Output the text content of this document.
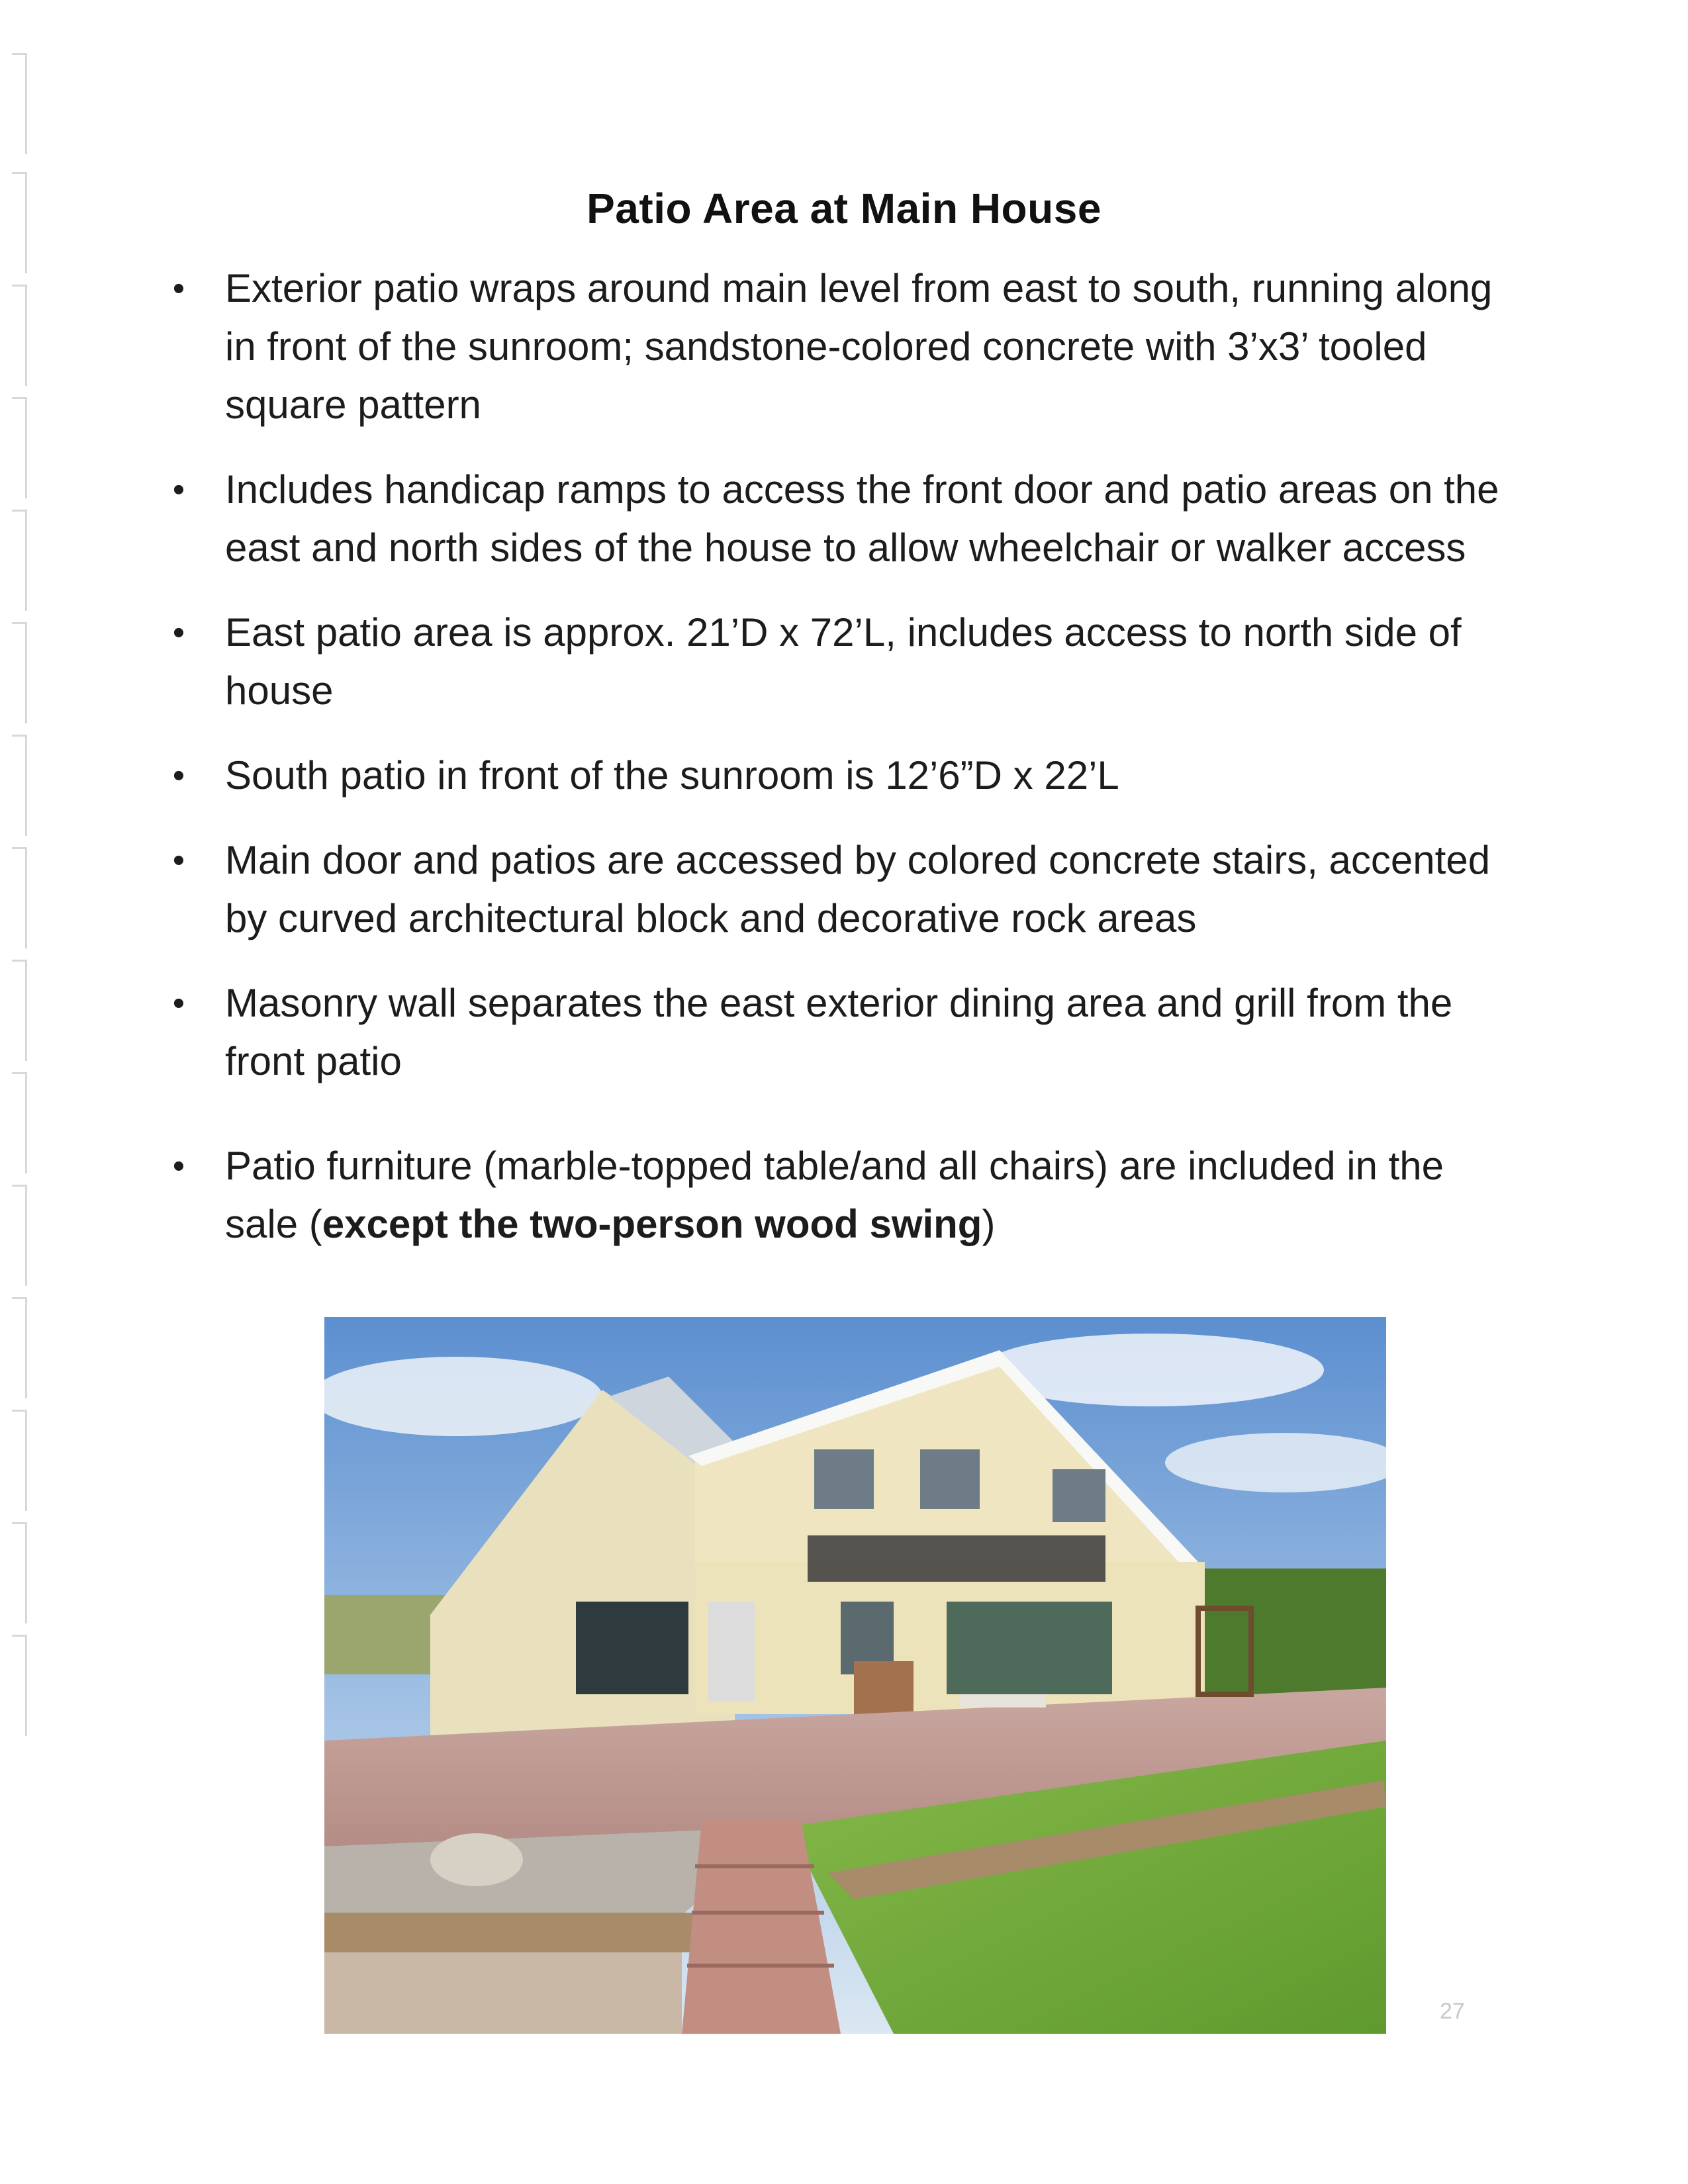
Patio Area at Main House
•	Exterior patio wraps around main level from east to south, running along in front of the sunroom; sandstone-colored concrete with 3’x3’ tooled square pattern
•	Includes handicap ramps to access the front door and patio areas on the east and north sides of the house to allow wheelchair or walker access
•	East patio area is approx. 21’D x 72’L, includes access to north side of house
•	South patio in front of the sunroom is 12’6”D x 22’L
•	Main door and patios are accessed by colored concrete stairs, accented by curved architectural block and decorative rock areas
•	Masonry wall separates the east exterior dining area and grill from the front patio
•	Patio furniture (marble-topped table/and all chairs) are included in the sale (except the two-person wood swing)
27
